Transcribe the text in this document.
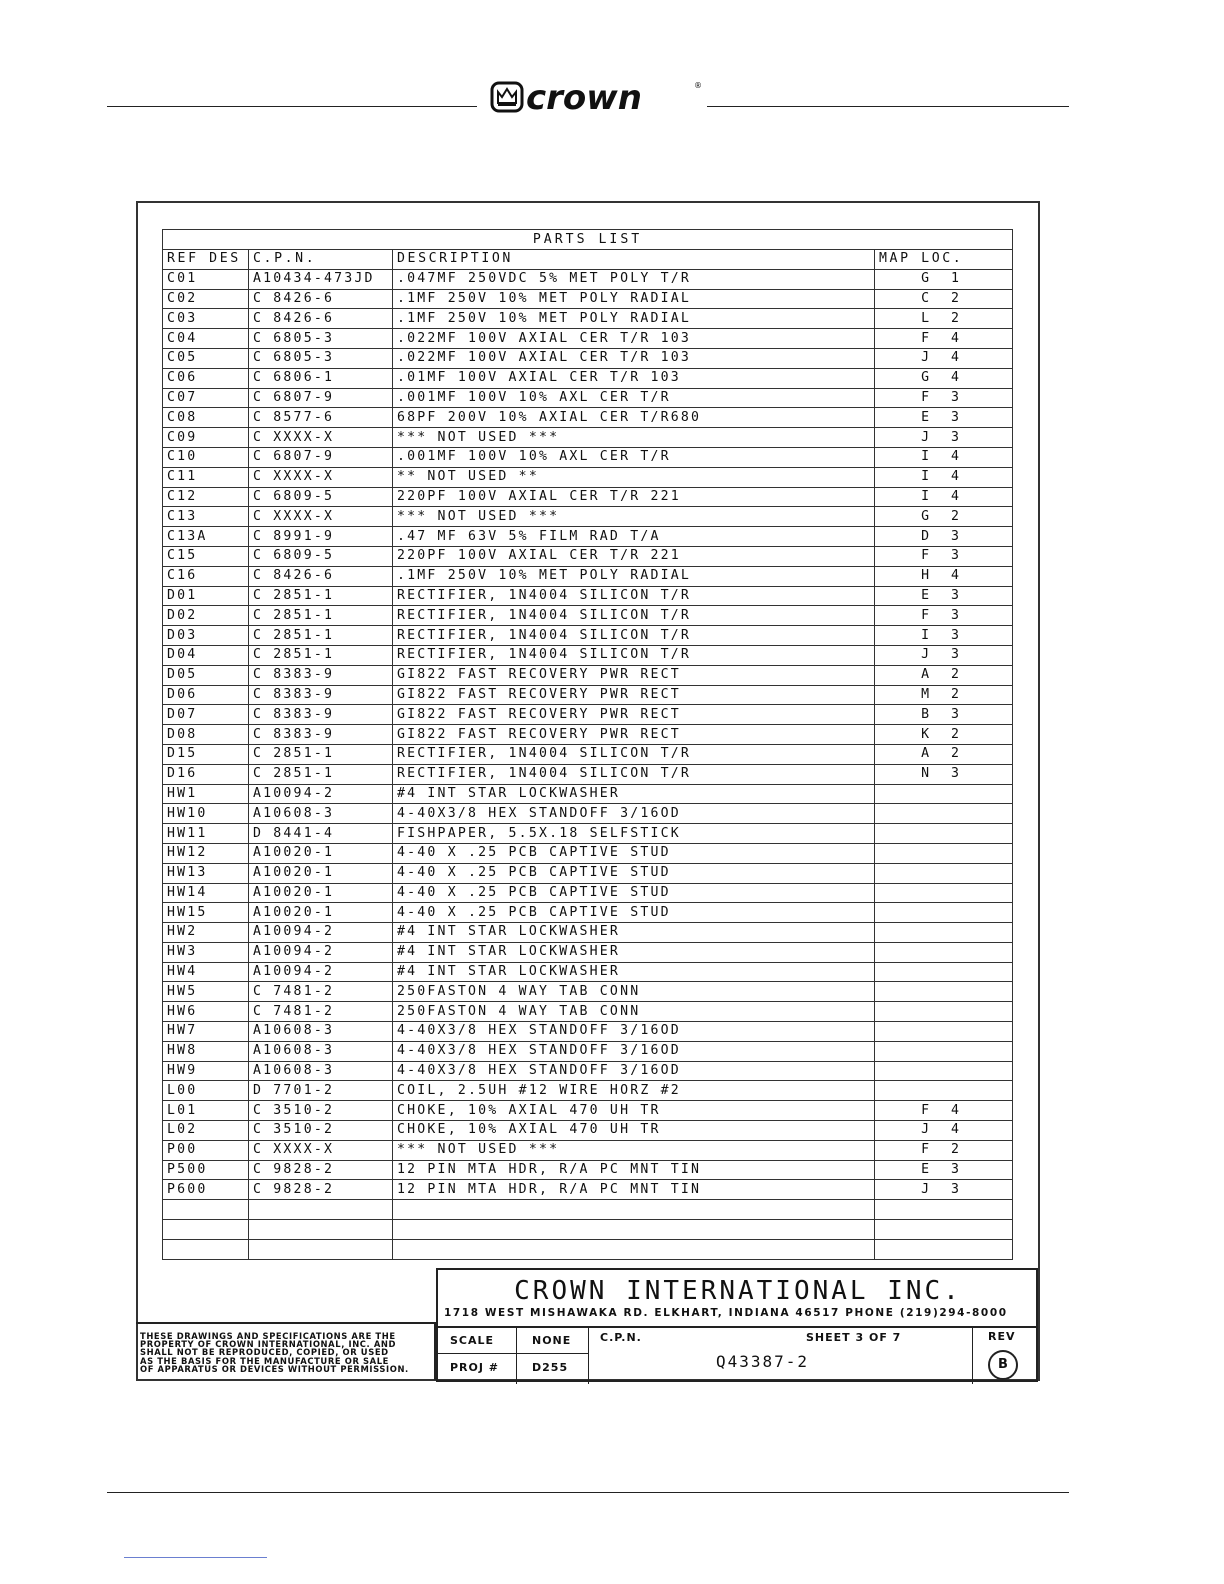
crown	®
PARTS LIST			
REF DES	C.P.N.	DESCRIPTION	MAP LOC.
C01	A10434-473JD	.047MF 250VDC 5% MET POLY T/R	G 1
C02	C 8426-6	.1MF 250V 10% MET POLY RADIAL	C 2
C03	C 8426-6	.1MF 250V 10% MET POLY RADIAL	L 2
C04	C 6805-3	.022MF 100V AXIAL CER T/R 103	F 4
C05	C 6805-3	.022MF 100V AXIAL CER T/R 103	J 4
C06	C 6806-1	.01MF 100V AXIAL CER T/R 103	G 4
C07	C 6807-9	.001MF 100V 10% AXL CER T/R	F 3
C08	C 8577-6	68PF 200V 10% AXIAL CER T/R680	E 3
C09	C XXXX-X	*** NOT USED ***	J 3
C10	C 6807-9	.001MF 100V 10% AXL CER T/R	I 4
C11	C XXXX-X	** NOT USED **	I 4
C12	C 6809-5	220PF 100V AXIAL CER T/R 221	I 4
C13	C XXXX-X	*** NOT USED ***	G 2
C13A	C 8991-9	.47 MF 63V 5% FILM RAD T/A	D 3
C15	C 6809-5	220PF 100V AXIAL CER T/R 221	F 3
C16	C 8426-6	.1MF 250V 10% MET POLY RADIAL	H 4
D01	C 2851-1	RECTIFIER, 1N4004 SILICON T/R	E 3
D02	C 2851-1	RECTIFIER, 1N4004 SILICON T/R	F 3
D03	C 2851-1	RECTIFIER, 1N4004 SILICON T/R	I 3
D04	C 2851-1	RECTIFIER, 1N4004 SILICON T/R	J 3
D05	C 8383-9	GI822 FAST RECOVERY PWR RECT	A 2
D06	C 8383-9	GI822 FAST RECOVERY PWR RECT	M 2
D07	C 8383-9	GI822 FAST RECOVERY PWR RECT	B 3
D08	C 8383-9	GI822 FAST RECOVERY PWR RECT	K 2
D15	C 2851-1	RECTIFIER, 1N4004 SILICON T/R	A 2
D16	C 2851-1	RECTIFIER, 1N4004 SILICON T/R	N 3
HW1	A10094-2	#4 INT STAR LOCKWASHER	
HW10	A10608-3	4-40X3/8 HEX STANDOFF 3/16OD	
HW11	D 8441-4	FISHPAPER, 5.5X.18 SELFSTICK	
HW12	A10020-1	4-40 X .25 PCB CAPTIVE STUD	
HW13	A10020-1	4-40 X .25 PCB CAPTIVE STUD	
HW14	A10020-1	4-40 X .25 PCB CAPTIVE STUD	
HW15	A10020-1	4-40 X .25 PCB CAPTIVE STUD	
HW2	A10094-2	#4 INT STAR LOCKWASHER	
HW3	A10094-2	#4 INT STAR LOCKWASHER	
HW4	A10094-2	#4 INT STAR LOCKWASHER	
HW5	C 7481-2	250FASTON 4 WAY TAB CONN	
HW6	C 7481-2	250FASTON 4 WAY TAB CONN	
HW7	A10608-3	4-40X3/8 HEX STANDOFF 3/16OD	
HW8	A10608-3	4-40X3/8 HEX STANDOFF 3/16OD	
HW9	A10608-3	4-40X3/8 HEX STANDOFF 3/16OD	
L00	D 7701-2	COIL, 2.5UH #12 WIRE HORZ #2	
L01	C 3510-2	CHOKE, 10% AXIAL 470 UH TR	F 4
L02	C 3510-2	CHOKE, 10% AXIAL 470 UH TR	J 4
P00	C XXXX-X	*** NOT USED ***	F 2
P500	C 9828-2	12 PIN MTA HDR, R/A PC MNT TIN	E 3
P600	C 9828-2	12 PIN MTA HDR, R/A PC MNT TIN	J 3

THESE DRAWINGS AND SPECIFICATIONS ARE THE
PROPERTY OF CROWN INTERNATIONAL, INC. AND
SHALL NOT BE REPRODUCED, COPIED, OR USED
AS THE BASIS FOR THE MANUFACTURE OR SALE
OF APPARATUS OR DEVICES WITHOUT PERMISSION.
CROWN INTERNATIONAL INC.
1718 WEST MISHAWAKA RD. ELKHART, INDIANA 46517 PHONE (219)294-8000
SCALE	NONE
PROJ #	D255
C.P.N.	SHEET 3 OF 7
Q43387-2
REV
B
